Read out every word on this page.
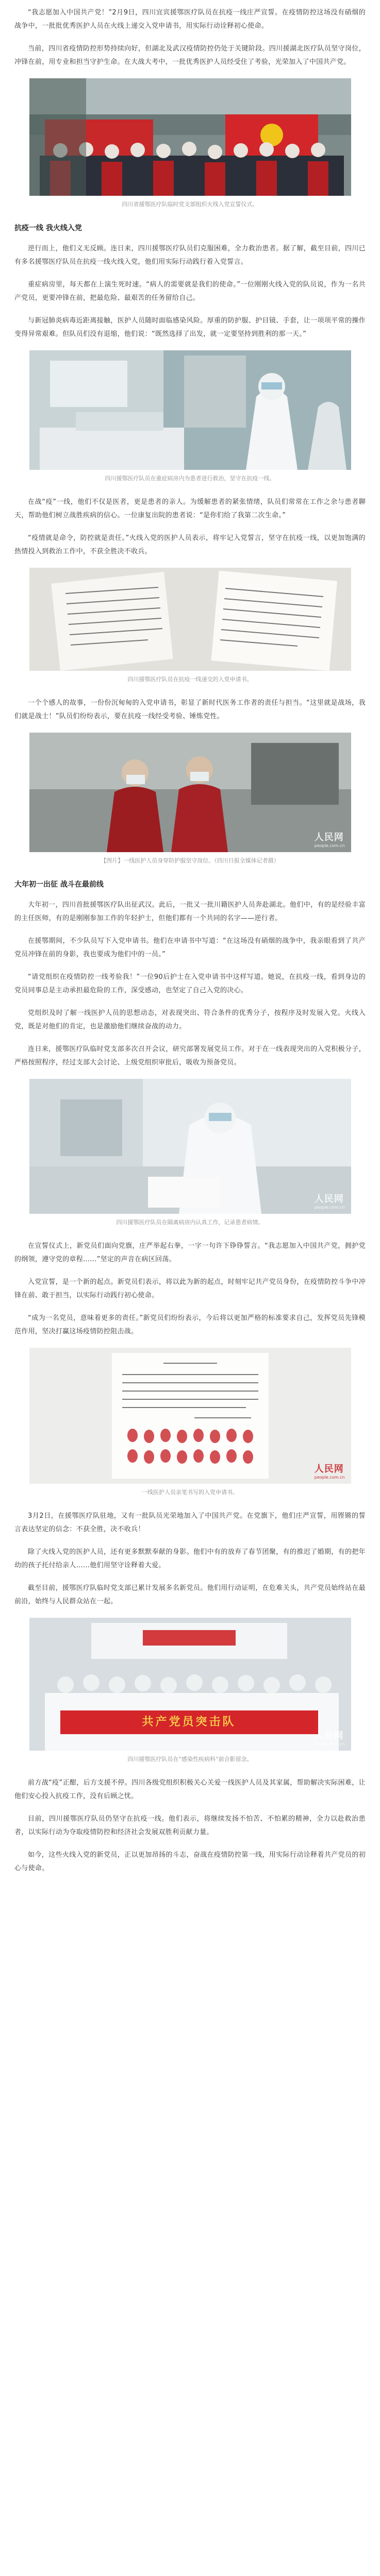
“我志愿加入中国共产党！”2月9日，四川宜宾援鄂医疗队员在抗疫一线庄严宣誓。在疫情防控这场没有硝烟的战争中，一批批优秀医护人员在火线上递交入党申请书，用实际行动诠释初心使命。

当前，四川省疫情防控形势持续向好，但湖北及武汉疫情防控仍处于关键阶段。四川援湖北医疗队员坚守岗位，冲锋在前，用专业和担当守护生命。在大战大考中，一批优秀医护人员经受住了考验，光荣加入了中国共产党。

四川省援鄂医疗队临时党支部组织火线入党宣誓仪式。

抗疫一线 我火线入党

逆行而上，他们义无反顾。连日来，四川援鄂医疗队员们克服困难，全力救治患者。据了解，截至目前，四川已有多名援鄂医疗队员在抗疫一线火线入党，他们用实际行动践行着入党誓言。

重症病房里，每天都在上演生死时速。“病人的需要就是我们的使命。”一位刚刚火线入党的队员说，作为一名共产党员，更要冲锋在前，把最危险、最艰苦的任务留给自己。

与新冠肺炎病毒近距离接触，医护人员随时面临感染风险。厚重的防护服、护目镜、手套，让一项项平常的操作变得异常艰难。但队员们没有退缩，他们说：“既然选择了出发，就一定要坚持到胜利的那一天。”

四川援鄂医疗队员在重症病房内为患者进行救治，坚守在抗疫一线。

在战“疫”一线，他们不仅是医者，更是患者的亲人。为缓解患者的紧张情绪，队员们常常在工作之余与患者聊天，帮助他们树立战胜疾病的信心。一位康复出院的患者说：“是你们给了我第二次生命。”

“疫情就是命令，防控就是责任。”火线入党的医护人员表示，将牢记入党誓言，坚守在抗疫一线，以更加饱满的热情投入到救治工作中，不获全胜决不收兵。

四川援鄂医疗队员在抗疫一线递交的入党申请书。

一个个感人的故事，一份份沉甸甸的入党申请书，彰显了新时代医务工作者的责任与担当。“这里就是战场，我们就是战士！”队员们纷纷表示，要在抗疫一线经受考验、锤炼党性。

人民网
people.com.cn

【图片】一线医护人员身穿防护服坚守岗位。（四川日报全媒体记者摄）

大年初一出征 战斗在最前线

大年初一，四川首批援鄂医疗队出征武汉。此后，一批又一批川籍医护人员奔赴湖北。他们中，有的是经验丰富的主任医师，有的是刚刚参加工作的年轻护士，但他们都有一个共同的名字——逆行者。

在援鄂期间，不少队员写下入党申请书。他们在申请书中写道：“在这场没有硝烟的战争中，我亲眼看到了共产党员冲锋在前的身影，我也要成为他们中的一员。”

“请党组织在疫情防控一线考验我！”一位90后护士在入党申请书中这样写道。她说，在抗疫一线，看到身边的党员同事总是主动承担最危险的工作，深受感动，也坚定了自己入党的决心。

党组织及时了解一线医护人员的思想动态，对表现突出、符合条件的优秀分子，按程序及时发展入党。火线入党，既是对他们的肯定，也是激励他们继续奋战的动力。

连日来，援鄂医疗队临时党支部多次召开会议，研究部署发展党员工作。对于在一线表现突出的入党积极分子，严格按照程序，经过支部大会讨论、上级党组织审批后，吸收为预备党员。

人民网
people.com.cn

四川援鄂医疗队员在隔离病房内认真工作，记录患者病情。

在宣誓仪式上，新党员们面向党旗，庄严举起右拳，一字一句许下铮铮誓言。“我志愿加入中国共产党，拥护党的纲领，遵守党的章程……”坚定的声音在病区回荡。

入党宣誓，是一个新的起点。新党员们表示，将以此为新的起点，时刻牢记共产党员身份，在疫情防控斗争中冲锋在前、敢于担当，以实际行动践行初心使命。

“成为一名党员，意味着更多的责任。”新党员们纷纷表示，今后将以更加严格的标准要求自己，发挥党员先锋模范作用，坚决打赢这场疫情防控阻击战。

人民网
people.com.cn

一线医护人员亲笔书写的入党申请书。

3月2日，在援鄂医疗队驻地，又有一批队员光荣地加入了中国共产党。在党旗下，他们庄严宣誓，用铿锵的誓言表达坚定的信念：不获全胜，决不收兵！

除了火线入党的医护人员，还有更多默默奉献的身影。他们中有的放弃了春节团聚，有的推迟了婚期，有的把年幼的孩子托付给亲人……他们用坚守诠释着大爱。

截至目前，援鄂医疗队临时党支部已累计发展多名新党员。他们用行动证明，在危难关头，共产党员始终站在最前沿，始终与人民群众站在一起。

共产党员突击队
人民网
people.com.cn

四川援鄂医疗队员在“感染性疾病科”前合影留念。

前方战“疫”正酣，后方支援不停。四川各级党组织积极关心关爱一线医护人员及其家属，帮助解决实际困难，让他们安心投入抗疫工作，没有后顾之忧。

目前，四川援鄂医疗队员仍坚守在抗疫一线。他们表示，将继续发扬不怕苦、不怕累的精神，全力以赴救治患者，以实际行动为夺取疫情防控和经济社会发展双胜利贡献力量。

如今，这些火线入党的新党员，正以更加昂扬的斗志，奋战在疫情防控第一线，用实际行动诠释着共产党员的初心与使命。
